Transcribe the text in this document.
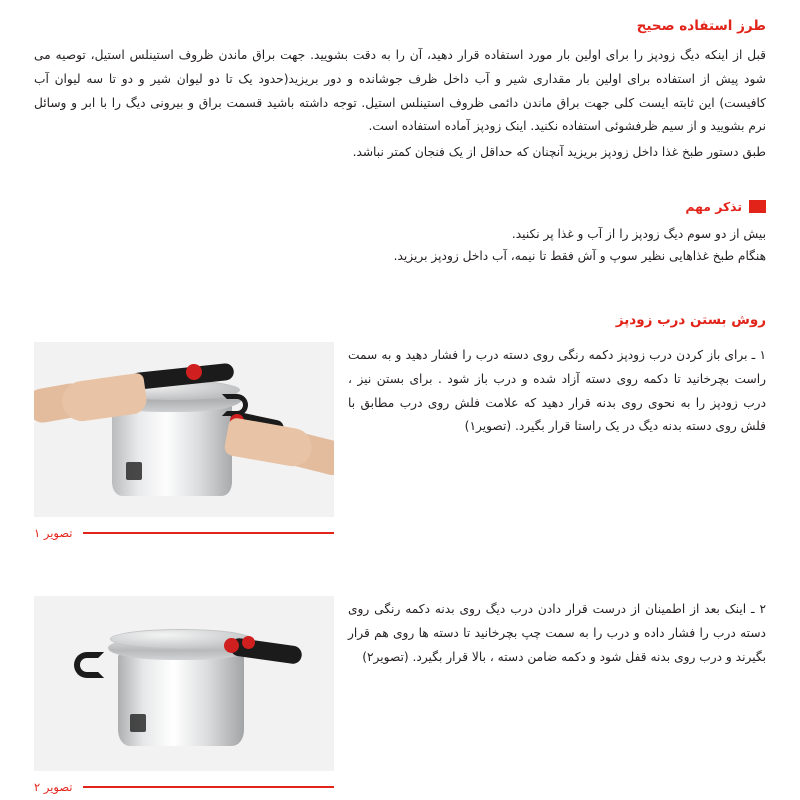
طرز استفاده صحیح

قبل از اینکه دیگ زودپز را برای اولین بار مورد استفاده قرار دهید، آن را به دقت بشویید. جهت براق ماندن ظروف استینلس استیل، توصیه می شود پیش از استفاده برای اولین بار مقداری شیر و آب داخل ظرف جوشانده و دور بریزید(حدود یک تا دو لیوان شیر و دو تا سه لیوان آب کافیست) این ثابته ایست کلی جهت براق ماندن دائمی ظروف استینلس استیل. توجه داشته باشید قسمت براق و بیرونی دیگ را با ابر و وسائل نرم بشویید و از سیم ظرفشوئی استفاده نکنید. اینک زودپز آماده استفاده است.

طبق دستور طبخ غذا داخل زودپز بریزید آنچنان که حداقل از یک فنجان کمتر نباشد.

تذکر مهم
بیش از دو سوم دیگ زودپز را از آب و غذا پر نکنید.
هنگام طبخ غذاهایی نظیر سوپ و آش فقط تا نیمه، آب داخل زودپز بریزید.
روش بستن درب زودپز
۱ ـ برای باز کردن درب زودپز دکمه رنگی روی دسته درب را فشار دهید و به سمت راست بچرخانید تا دکمه روی دسته آزاد شده و درب باز شود . برای بستن نیز ، درب زودپز را به نحوی روی بدنه قرار دهید که علامت فلش روی درب مطابق با فلش روی دسته بدنه دیگ در یک راستا قرار بگیرد. (تصویر۱)
تصویر ۱
۲ ـ اینک بعد از اطمینان از درست قرار دادن درب دیگ روی بدنه دکمه رنگی روی دسته درب را فشار داده و درب را به سمت چپ بچرخانید تا دسته ها روی هم قرار بگیرند و درب روی بدنه قفل شود و دکمه ضامن دسته ، بالا قرار بگیرد. (تصویر۲)
تصویر ۲
